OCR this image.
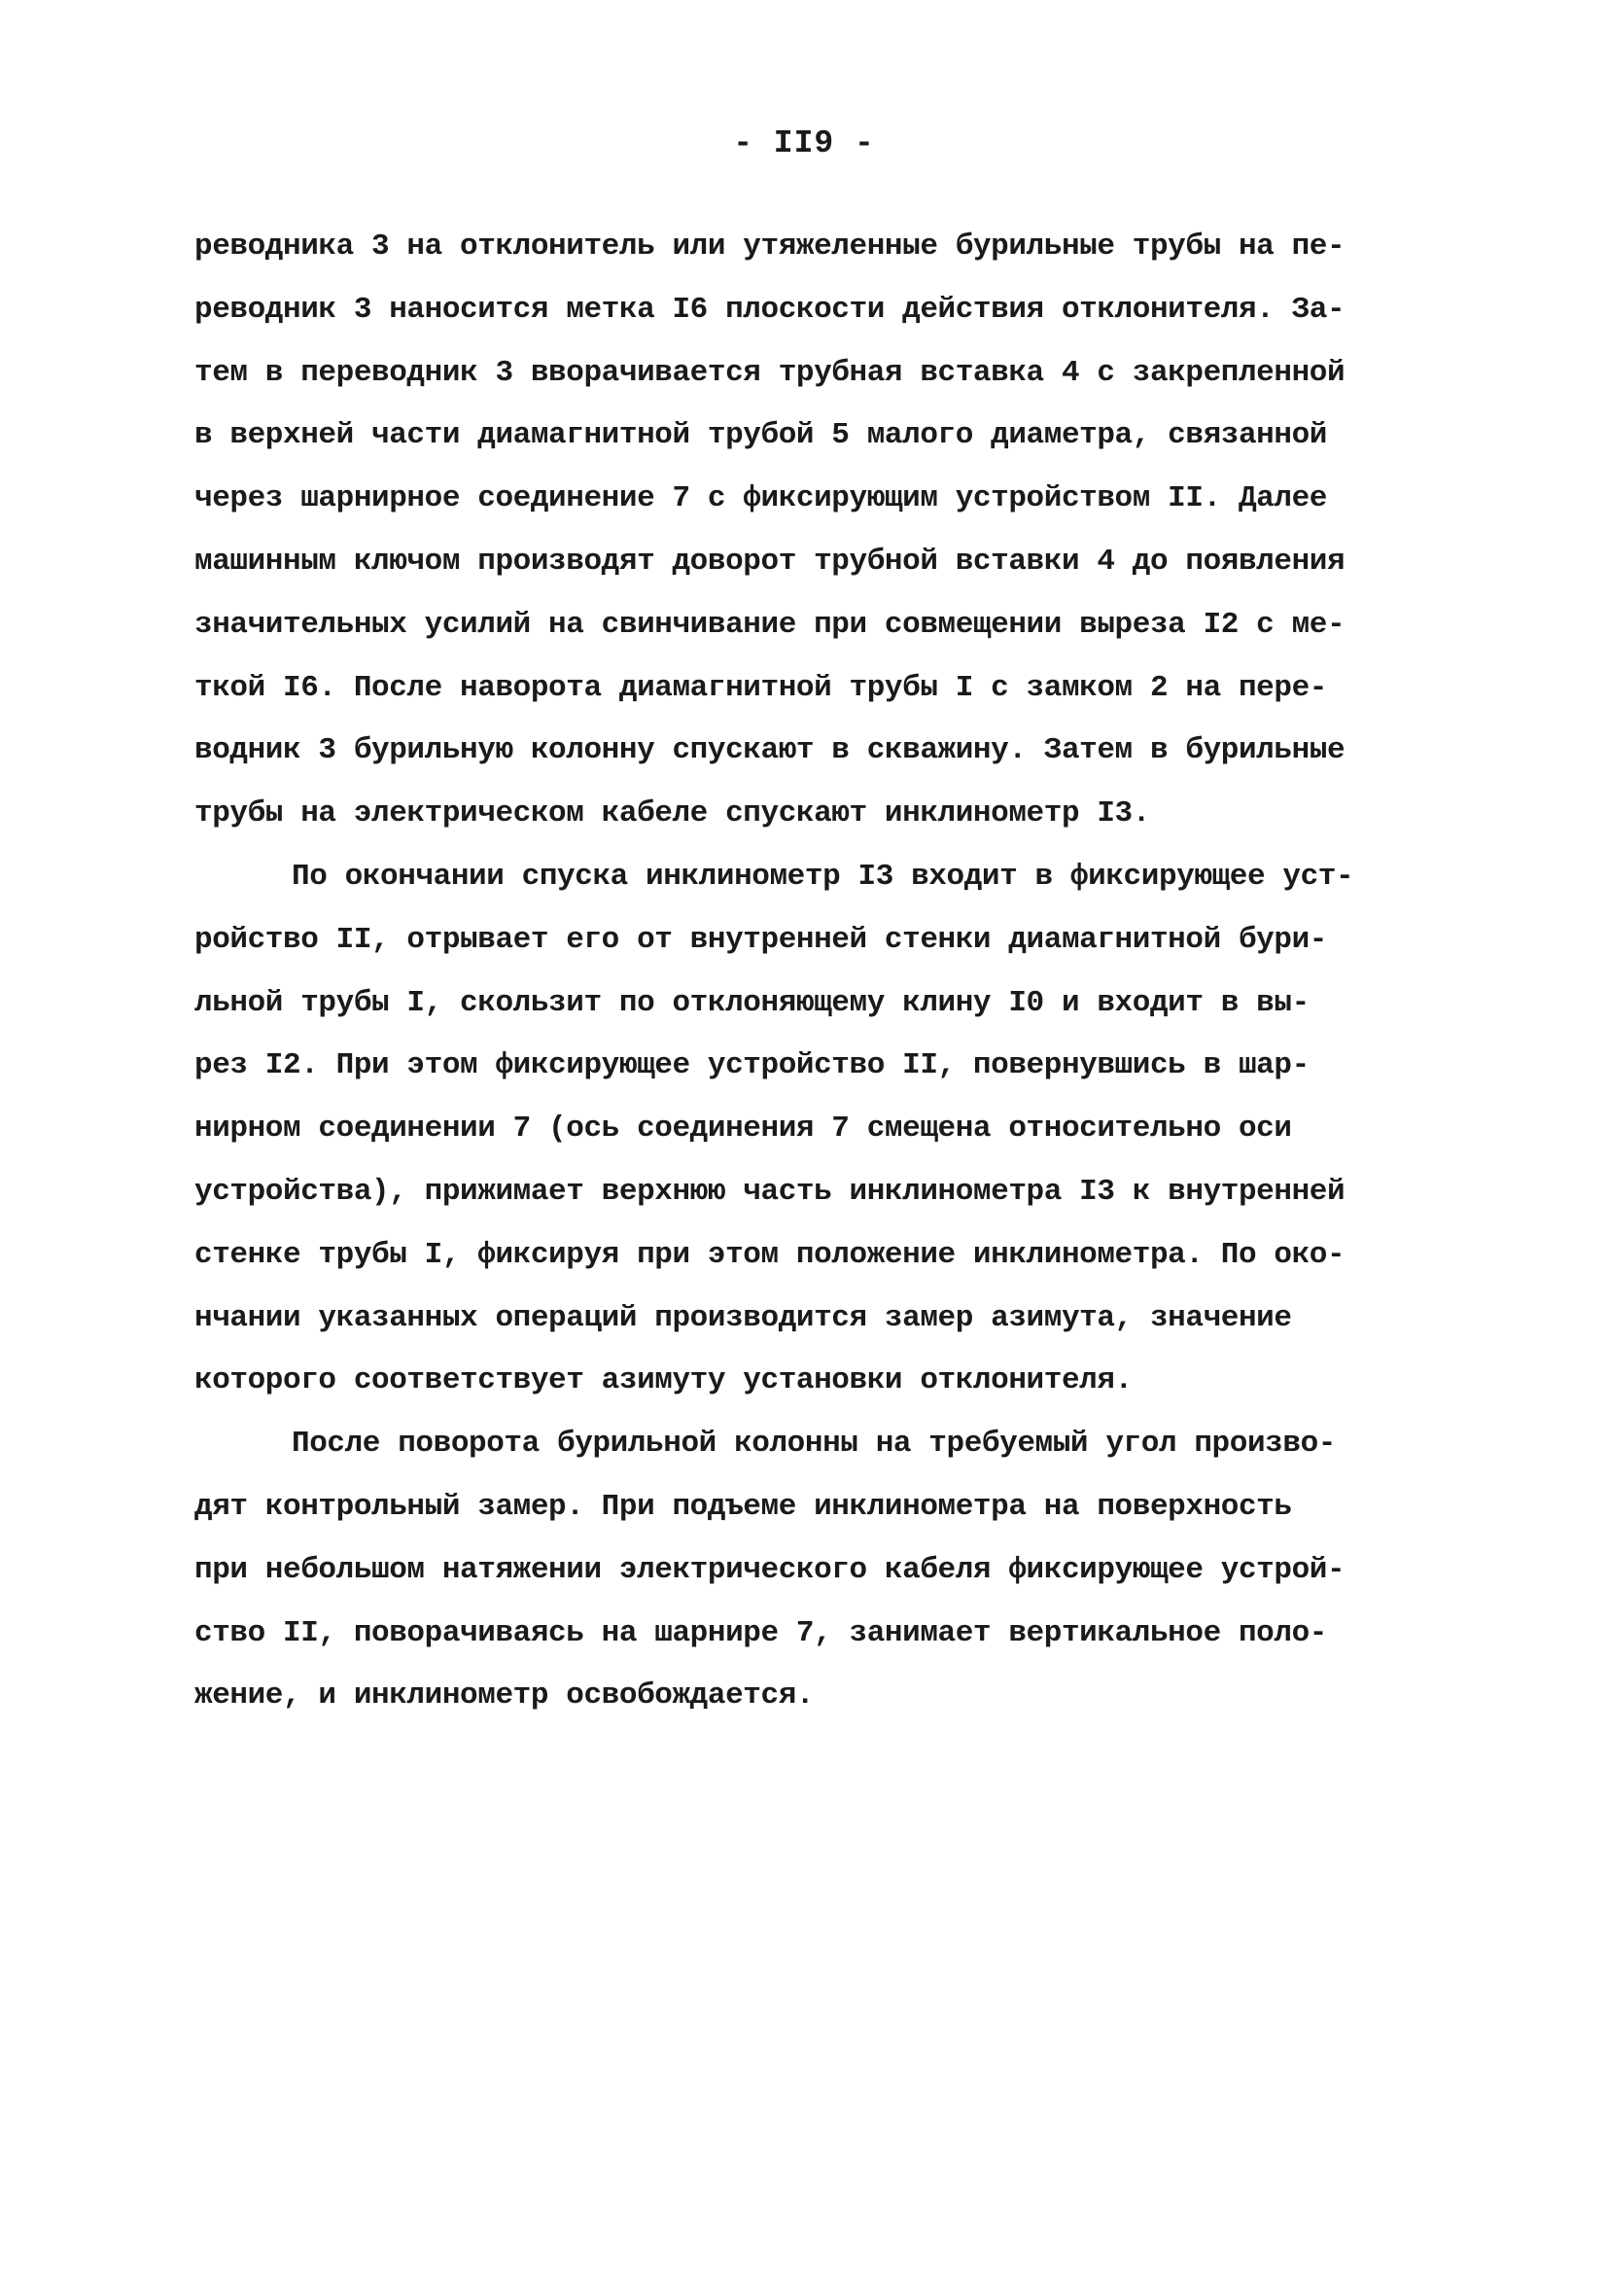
- II9 -
реводника 3 на отклонитель или утяжеленные бурильные трубы на пе-
реводник 3 наносится метка I6 плоскости действия отклонителя. За-
тем в переводник 3 вворачивается трубная вставка 4 с закрепленной
в верхней части диамагнитной трубой 5 малого диаметра, связанной
через шарнирное соединение 7 с фиксирующим устройством II. Далее
машинным ключом производят доворот трубной вставки 4 до появления
значительных усилий на свинчивание при совмещении выреза I2 с ме-
ткой I6. После наворота диамагнитной трубы I с замком 2 на пере-
водник 3 бурильную колонну спускают в скважину. Затем в бурильные
трубы на электрическом кабеле спускают инклинометр I3.
По окончании спуска инклинометр I3 входит в фиксирующее уст-
ройство II, отрывает его от внутренней стенки диамагнитной бури-
льной трубы I, скользит по отклоняющему клину I0 и входит в вы-
рез I2. При этом фиксирующее устройство II, повернувшись в шар-
нирном соединении 7 (ось соединения 7 смещена относительно оси
устройства), прижимает верхнюю часть инклинометра I3 к внутренней
стенке трубы I, фиксируя при этом положение инклинометра. По око-
нчании указанных операций производится замер азимута, значение
которого соответствует азимуту установки отклонителя.
После поворота бурильной колонны на требуемый угол произво-
дят контрольный замер. При подъеме инклинометра на поверхность
при небольшом натяжении электрического кабеля фиксирующее устрой-
ство II, поворачиваясь на шарнире 7, занимает вертикальное поло-
жение, и инклинометр освобождается.
